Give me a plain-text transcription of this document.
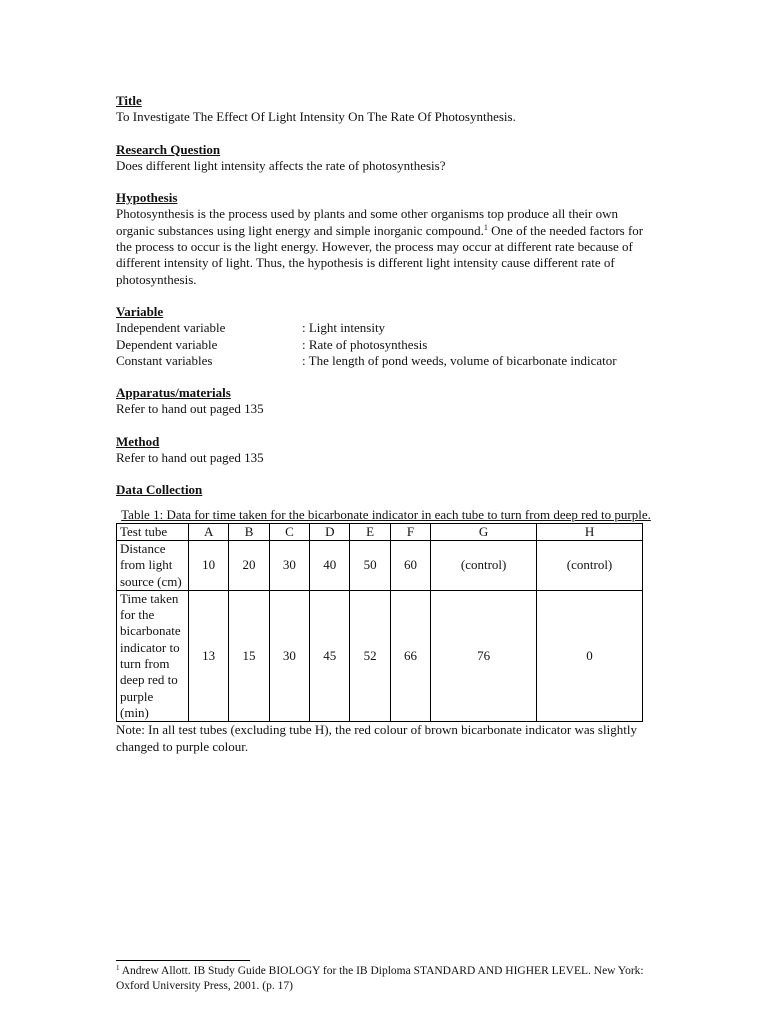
Title
To Investigate The Effect Of Light Intensity On The Rate Of Photosynthesis.
Research Question
Does different light intensity affects the rate of photosynthesis?
Hypothesis
Photosynthesis is the process used by plants and some other organisms top produce all their own organic substances using light energy and simple inorganic compound.$^1$ One of the needed factors for the process to occur is the light energy. However, the process may occur at different rate because of different intensity of light. Thus, the hypothesis is different light intensity cause different rate of photosynthesis.
Variable
Independent variable	: Light intensity
Dependent variable	: Rate of photosynthesis
Constant variables	: The length of pond weeds, volume of bicarbonate indicator
Apparatus/materials
Refer to hand out paged 135
Method
Refer to hand out paged 135
Data Collection
Table 1: Data for time taken for the bicarbonate indicator in each tube to turn from deep red to purple.
Test tube	A	B	C	D	E	F	G	H
Distance from light source (cm)	10	20	30	40	50	60	(control)	(control)
Time taken for the bicarbonate indicator to turn from deep red to purple (min)	13	15	30	45	52	66	76	0
Note: In all test tubes (excluding tube H), the red colour of brown bicarbonate indicator was slightly changed to purple colour.
$^1$ Andrew Allott. IB Study Guide BIOLOGY for the IB Diploma STANDARD AND HIGHER LEVEL. New York: Oxford University Press, 2001. (p. 17)
